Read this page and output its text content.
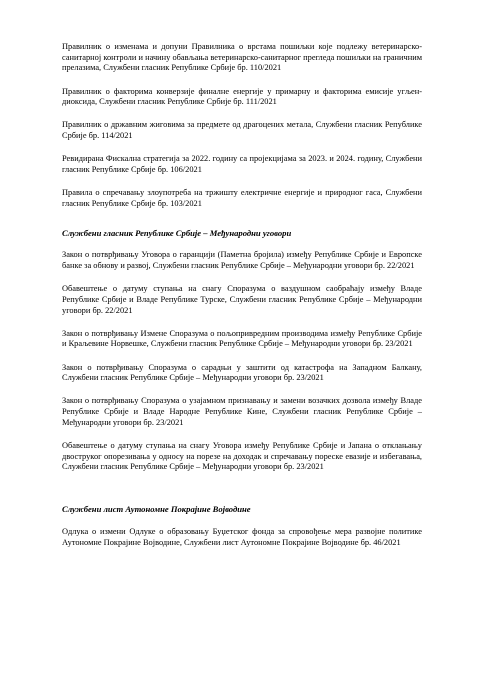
Правилник о изменама и допуни Правилника о врстама пошиљки које подлежу ветеринарско-санитарној контроли и начину обављања ветеринарско-санитарног прегледа пошиљки на граничним прелазима, Службени гласник Републике Србије бр. 110/2021

Правилник о факторима конверзије финалне енергије у примарну и факторима емисије угљен-диоксида, Службени гласник Републике Србије бр. 111/2021

Правилник о државним жиговима за предмете од драгоцених метала, Службени гласник Републике Србије бр. 114/2021

Ревидирана Фискална стратегија за 2022. годину са пројекцијама за 2023. и 2024. годину, Службени гласник Републике Србије бр. 106/2021

Правила о спречавању злоупотреба на тржишту електричне енергије и природног гаса, Службени гласник Републике Србије бр. 103/2021

Службени гласник Републике Србије – Међународни уговори

Закон о потврђивању Уговора о гаранцији (Паметна бројила) између Републике Србије и Европске банке за обнову и развој, Службени гласник Републике Србије – Међународни уговори бр. 22/2021

Обавештење о датуму ступања на снагу Споразума о ваздушном саобраћају између Владе Републике Србије и Владе Републике Турске, Службени гласник Републике Србије – Међународни уговори бр. 22/2021

Закон о потврђивању Измене Споразума о пољопривредним производима између Републике Србије и Краљевине Норвешке, Службени гласник Републике Србије – Међународни уговори бр. 23/2021

Закон о потврђивању Споразума о сарадњи у заштити од катастрофа на Западном Балкану, Службени гласник Републике Србије – Међународни уговори бр. 23/2021

Закон о потврђивању Споразума о узајамном признавању и замени возачких дозвола између Владе Републике Србије и Владе Народне Републике Кине, Службени гласник Републике Србије – Међународни уговори бр. 23/2021

Обавештење о датуму ступања на снагу Уговора између Републике Србије и Јапана о отклањању двоструког опорезивања у односу на порезе на доходак и спречавању пореске евазије и избегавања, Службени гласник Републике Србије – Међународни уговори бр. 23/2021

Службени лист Аутономне Покрајине Војводине

Одлука о измени Одлуке о образовању Буџетског фонда за спровођење мера развојне политике Аутономне Покрајине Војводине, Службени лист Аутономне Покрајине Војводине бр. 46/2021
